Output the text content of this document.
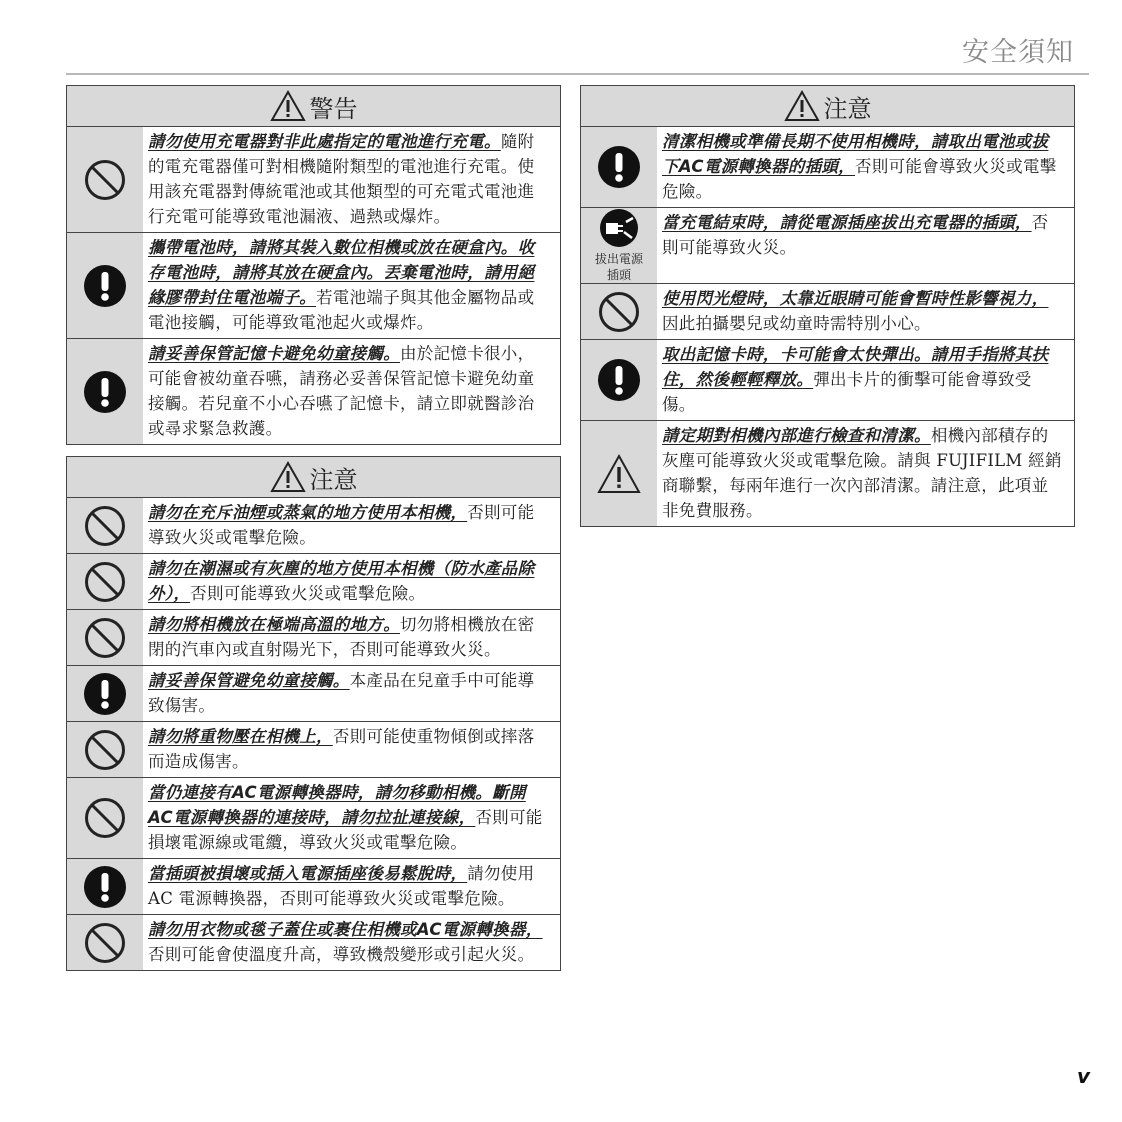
安全須知
警告
請勿使用充電器對非此處指定的電池進行充電。隨附的電充電器僅可對相機隨附類型的電池進行充電。使用該充電器對傳統電池或其他類型的可充電式電池進行充電可能導致電池漏液、過熱或爆炸。
攜帶電池時，請將其裝入數位相機或放在硬盒內。收存電池時，請將其放在硬盒內。丟棄電池時，請用絕緣膠帶封住電池端子。若電池端子與其他金屬物品或電池接觸，可能導致電池起火或爆炸。
請妥善保管記憶卡避免幼童接觸。由於記憶卡很小，可能會被幼童吞嚥，請務必妥善保管記憶卡避免幼童接觸。若兒童不小心吞嚥了記憶卡，請立即就醫診治或尋求緊急救護。
注意
請勿在充斥油煙或蒸氣的地方使用本相機，否則可能導致火災或電擊危險。
請勿在潮濕或有灰塵的地方使用本相機（防水產品除外），否則可能導致火災或電擊危險。
請勿將相機放在極端高溫的地方。切勿將相機放在密閉的汽車內或直射陽光下，否則可能導致火災。
請妥善保管避免幼童接觸。本產品在兒童手中可能導致傷害。
請勿將重物壓在相機上，否則可能使重物傾倒或摔落而造成傷害。
當仍連接有AC電源轉換器時，請勿移動相機。斷開AC電源轉換器的連接時，請勿拉扯連接線，否則可能損壞電源線或電纜，導致火災或電擊危險。
當插頭被損壞或插入電源插座後易鬆脫時，請勿使用 AC 電源轉換器，否則可能導致火災或電擊危險。
請勿用衣物或毯子蓋住或裹住相機或AC電源轉換器，否則可能會使溫度升高，導致機殼變形或引起火災。
注意
清潔相機或準備長期不使用相機時，請取出電池或拔下AC電源轉換器的插頭，否則可能會導致火災或電擊危險。
拔出電源插頭
當充電結束時，請從電源插座拔出充電器的插頭，否則可能導致火災。
使用閃光燈時，太靠近眼睛可能會暫時性影響視力，因此拍攝嬰兒或幼童時需特別小心。
取出記憶卡時，卡可能會太快彈出。請用手指將其扶住，然後輕輕釋放。彈出卡片的衝擊可能會導致受傷。
請定期對相機內部進行檢查和清潔。相機內部積存的灰塵可能導致火災或電擊危險。請與 FUJIFILM 經銷商聯繫，每兩年進行一次內部清潔。請注意，此項並非免費服務。
v
